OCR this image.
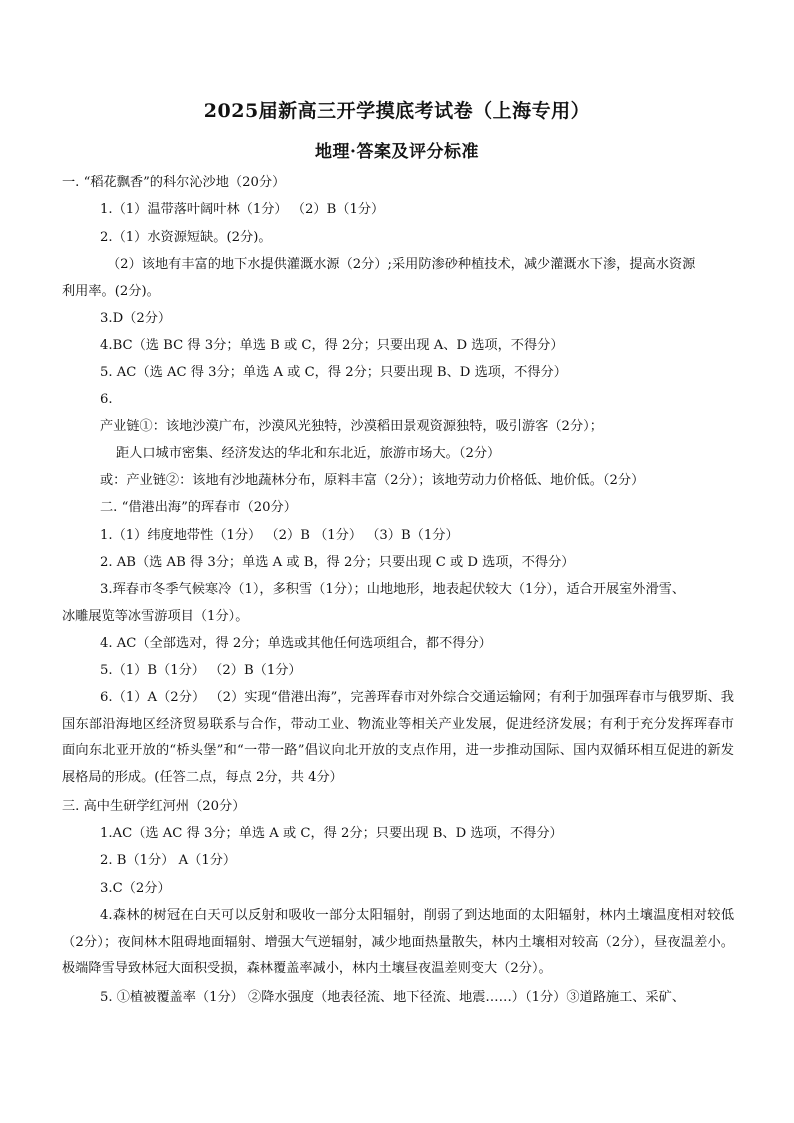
2025届新高三开学摸底考试卷（上海专用）
地理·答案及评分标准
一. “稻花飘香”的科尔沁沙地（20分）
1.（1）温带落叶阔叶林（1分） （2）B（1分）
2.（1）水资源短缺。(2分)。
（2）该地有丰富的地下水提供灌溉水源（2分）;采用防渗砂种植技术，减少灌溉水下渗，提高水资源
利用率。(2分)。
3.D（2分）
4.BC（选 BC 得 3分；单选 B 或 C，得 2分；只要出现 A、D 选项，不得分）
5. AC（选 AC 得 3分；单选 A 或 C，得 2分；只要出现 B、D 选项，不得分）
6.
产业链①：该地沙漠广布，沙漠风光独特，沙漠稻田景观资源独特，吸引游客（2分）；
距人口城市密集、经济发达的华北和东北近，旅游市场大。（2分）
或：产业链②：该地有沙地蔬林分布，原料丰富（2分）；该地劳动力价格低、地价低。（2分）
二. “借港出海”的珲春市（20分）
1.（1）纬度地带性（1分） （2）B （1分） （3）B（1分）
2. AB（选 AB 得 3分；单选 A 或 B，得 2分；只要出现 C 或 D 选项，不得分）
3.珲春市冬季气候寒冷（1），多积雪（1分）；山地地形，地表起伏较大（1分），适合开展室外滑雪、
冰雕展览等冰雪游项目（1分）。
4. AC（全部选对，得 2分；单选或其他任何选项组合，都不得分）
5.（1）B（1分） （2）B（1分）
6.（1）A（2分） （2）实现“借港出海”，完善珲春市对外综合交通运输网；有利于加强珲春市与俄罗斯、我国东部沿海地区经济贸易联系与合作，带动工业、物流业等相关产业发展，促进经济发展；有利于充分发挥珲春市面向东北亚开放的“桥头堡”和“一带一路”倡议向北开放的支点作用，进一步推动国际、国内双循环相互促进的新发展格局的形成。(任答二点，每点 2分，共 4分）
三. 高中生研学红河州（20分）
1.AC（选 AC 得 3分；单选 A 或 C，得 2分；只要出现 B、D 选项，不得分）
2. B（1分） A（1分）
3.C（2分）
4.森林的树冠在白天可以反射和吸收一部分太阳辐射，削弱了到达地面的太阳辐射，林内土壤温度相对较低（2分）；夜间林木阻碍地面辐射、增强大气逆辐射，减少地面热量散失，林内土壤相对较高（2分），昼夜温差小。极端降雪导致林冠大面积受损，森林覆盖率减小，林内土壤昼夜温差则变大（2分）。
5. ①植被覆盖率（1分） ②降水强度（地表径流、地下径流、地震……）（1分）③道路施工、采矿、
